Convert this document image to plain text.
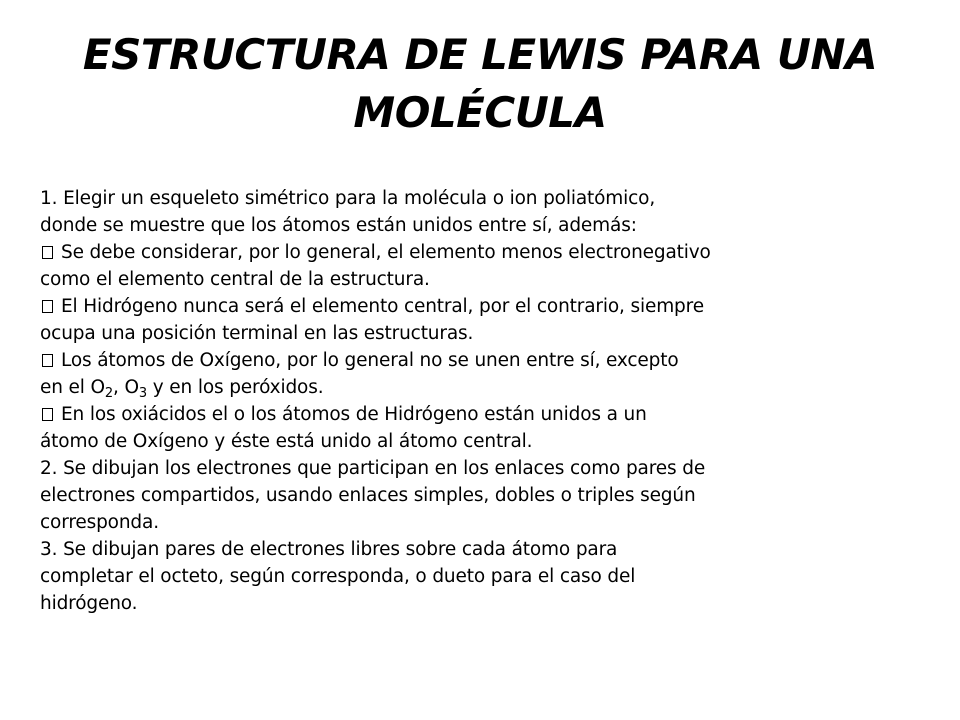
ESTRUCTURA DE LEWIS PARA UNA
MOLÉCULA
1. Elegir un esqueleto simétrico para la molécula o ion poliatómico,
donde se muestre que los átomos están unidos entre sí, además:
Se debe considerar, por lo general, el elemento menos electronegativo
como el elemento central de la estructura.
El Hidrógeno nunca será el elemento central, por el contrario, siempre
ocupa una posición terminal en las estructuras.
Los átomos de Oxígeno, por lo general no se unen entre sí, excepto
en el $O_2$, $O_3$ y en los peróxidos.
En los oxiácidos el o los átomos de Hidrógeno están unidos a un
átomo de Oxígeno y éste está unido al átomo central.
2. Se dibujan los electrones que participan en los enlaces como pares de
electrones compartidos, usando enlaces simples, dobles o triples según
corresponda.
3. Se dibujan pares de electrones libres sobre cada átomo para
completar el octeto, según corresponda, o dueto para el caso del
hidrógeno.
